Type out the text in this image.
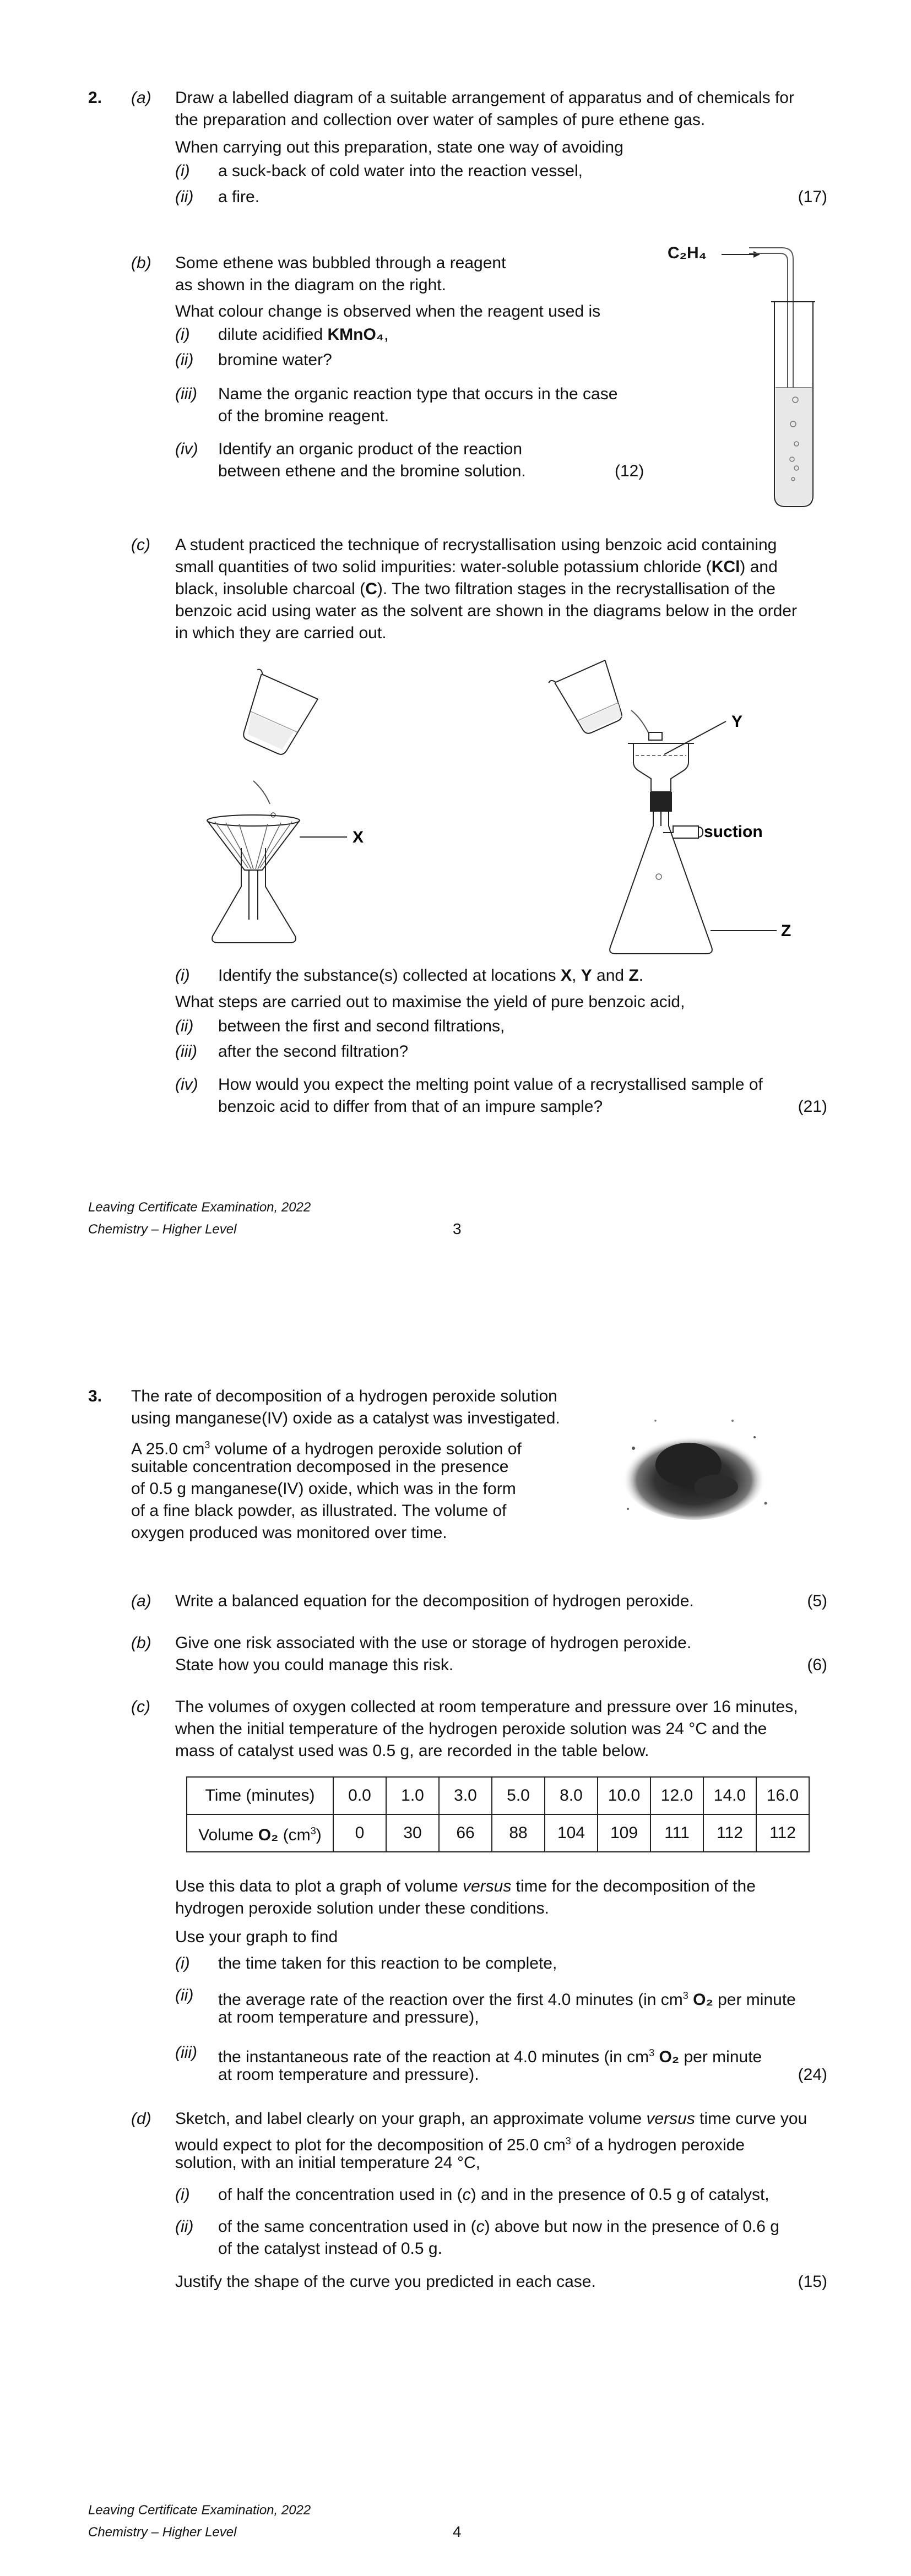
2. (a) Draw a labelled diagram of a suitable arrangement of apparatus and of chemicals for
the preparation and collection over water of samples of pure ethene gas.
When carrying out this preparation, state one way of avoiding
(i) a suck-back of cold water into the reaction vessel,
(ii) a fire.	(17)
(b) Some ethene was bubbled through a reagent
as shown in the diagram on the right.
What colour change is observed when the reagent used is
(i) dilute acidified KMnO₄,
(ii) bromine water?
(iii) Name the organic reaction type that occurs in the case
of the bromine reagent.
(iv) Identify an organic product of the reaction
between ethene and the bromine solution.	(12)
C₂H₄
(c) A student practiced the technique of recrystallisation using benzoic acid containing
small quantities of two solid impurities: water-soluble potassium chloride (KCl) and
black, insoluble charcoal (C). The two filtration stages in the recrystallisation of the
benzoic acid using water as the solvent are shown in the diagrams below in the order
in which they are carried out.
X
Y
suction
Z
(i) Identify the substance(s) collected at locations X, Y and Z.
What steps are carried out to maximise the yield of pure benzoic acid,
(ii) between the first and second filtrations,
(iii) after the second filtration?
(iv) How would you expect the melting point value of a recrystallised sample of
benzoic acid to differ from that of an impure sample?	(21)
Leaving Certificate Examination, 2022
Chemistry – Higher Level	3
3. The rate of decomposition of a hydrogen peroxide solution
using manganese(IV) oxide as a catalyst was investigated.
A 25.0 $cm^3$ volume of a hydrogen peroxide solution of
suitable concentration decomposed in the presence
of 0.5 g manganese(IV) oxide, which was in the form
of a fine black powder, as illustrated. The volume of
oxygen produced was monitored over time.
(a) Write a balanced equation for the decomposition of hydrogen peroxide.	(5)
(b) Give one risk associated with the use or storage of hydrogen peroxide.
State how you could manage this risk.	(6)
(c) The volumes of oxygen collected at room temperature and pressure over 16 minutes,
when the initial temperature of the hydrogen peroxide solution was 24 °C and the
mass of catalyst used was 0.5 g, are recorded in the table below.
Time (minutes)	0.0	1.0	3.0	5.0	8.0	10.0	12.0	14.0	16.0
Volume O₂ $(cm^3)$	0	30	66	88	104	109	111	112	112
Use this data to plot a graph of volume versus time for the decomposition of the
hydrogen peroxide solution under these conditions.
Use your graph to find
(i) the time taken for this reaction to be complete,
(ii) the average rate of the reaction over the first 4.0 minutes (in $cm^3$ O₂ per minute
at room temperature and pressure),
(iii) the instantaneous rate of the reaction at 4.0 minutes (in $cm^3$ O₂ per minute
at room temperature and pressure).	(24)
(d) Sketch, and label clearly on your graph, an approximate volume versus time curve you
would expect to plot for the decomposition of 25.0 $cm^3$ of a hydrogen peroxide
solution, with an initial temperature 24 °C,
(i) of half the concentration used in (c) and in the presence of 0.5 g of catalyst,
(ii) of the same concentration used in (c) above but now in the presence of 0.6 g
of the catalyst instead of 0.5 g.
Justify the shape of the curve you predicted in each case.	(15)
Leaving Certificate Examination, 2022
Chemistry – Higher Level	4
